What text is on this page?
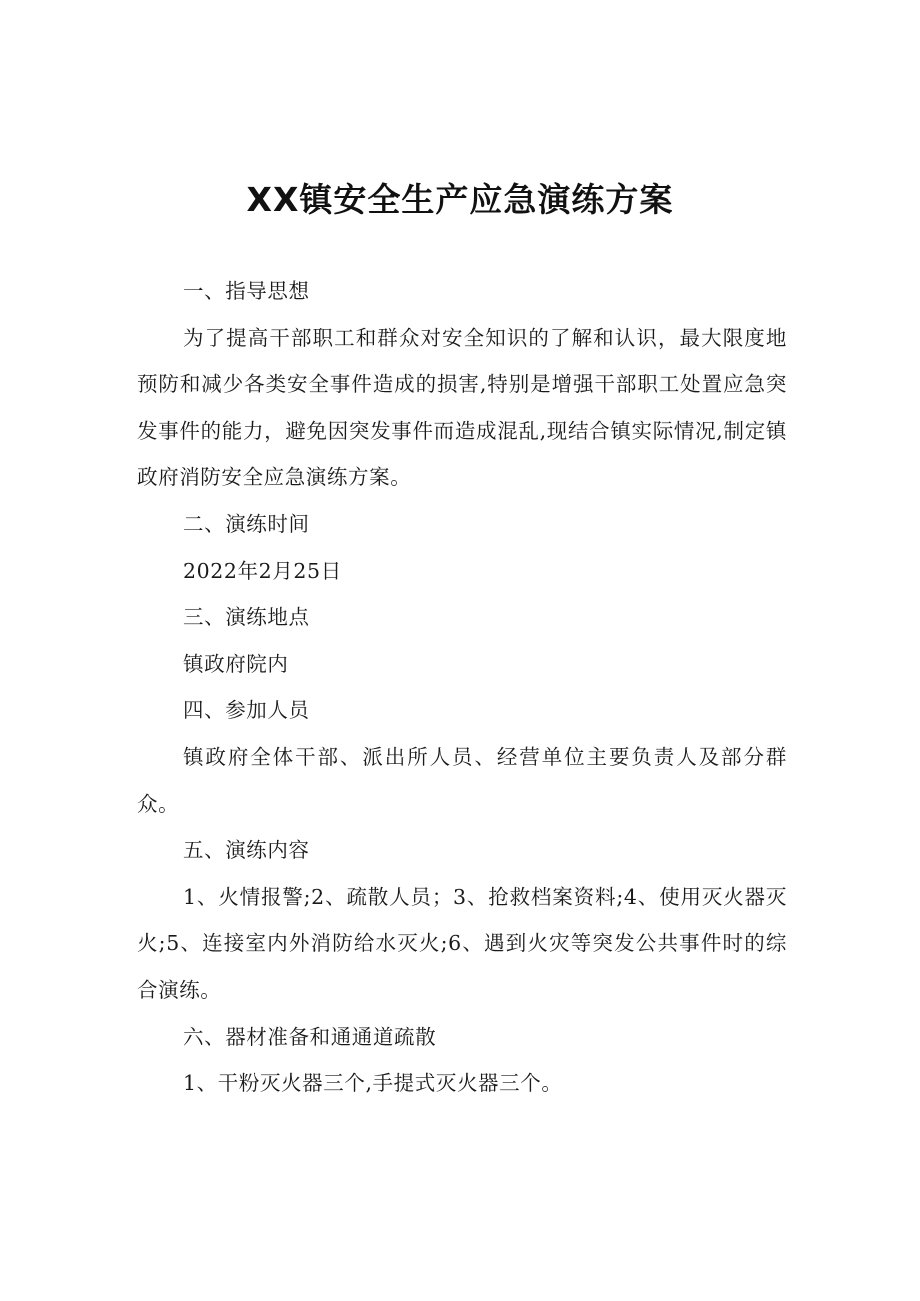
XX镇安全生产应急演练方案

一、指导思想

为了提高干部职工和群众对安全知识的了解和认识，最大限度地预防和减少各类安全事件造成的损害,特别是增强干部职工处置应急突发事件的能力，避免因突发事件而造成混乱,现结合镇实际情况,制定镇政府消防安全应急演练方案。

二、演练时间

2022年2月25日

三、演练地点

镇政府院内

四、参加人员

镇政府全体干部、派出所人员、经营单位主要负责人及部分群众。

五、演练内容

1、火情报警;2、疏散人员；3、抢救档案资料;4、使用灭火器灭火;5、连接室内外消防给水灭火;6、遇到火灾等突发公共事件时的综合演练。

六、器材准备和通通道疏散

1、干粉灭火器三个,手提式灭火器三个。
